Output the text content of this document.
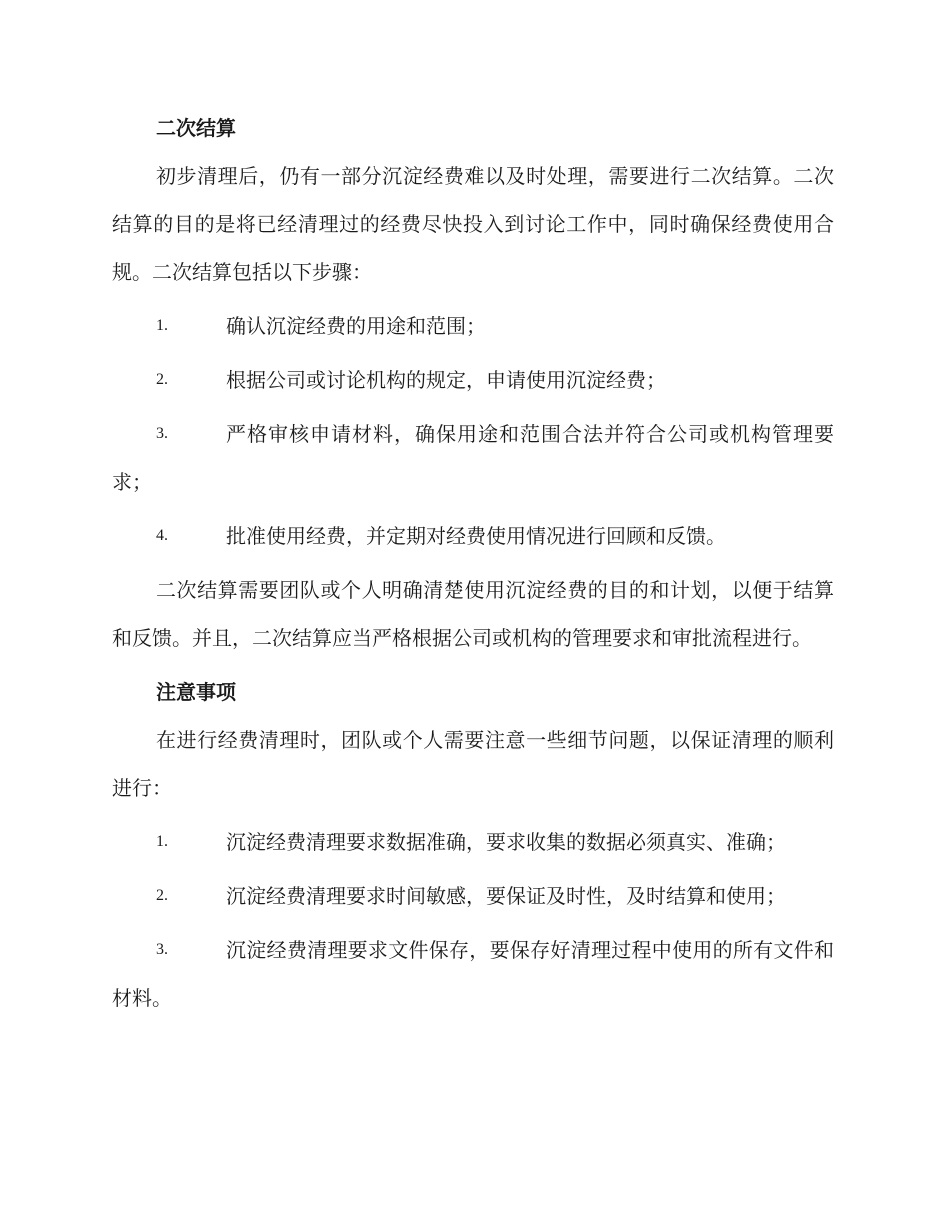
二次结算

初步清理后，仍有一部分沉淀经费难以及时处理，需要进行二次结算。二次结算的目的是将已经清理过的经费尽快投入到讨论工作中，同时确保经费使用合规。二次结算包括以下步骤：

1.	确认沉淀经费的用途和范围；
2.	根据公司或讨论机构的规定，申请使用沉淀经费；
3.	严格审核申请材料，确保用途和范围合法并符合公司或机构管理要求；
4.	批准使用经费，并定期对经费使用情况进行回顾和反馈。

二次结算需要团队或个人明确清楚使用沉淀经费的目的和计划，以便于结算和反馈。并且，二次结算应当严格根据公司或机构的管理要求和审批流程进行。

注意事项

在进行经费清理时，团队或个人需要注意一些细节问题，以保证清理的顺利进行：

1.	沉淀经费清理要求数据准确，要求收集的数据必须真实、准确；
2.	沉淀经费清理要求时间敏感，要保证及时性，及时结算和使用；
3.	沉淀经费清理要求文件保存，要保存好清理过程中使用的所有文件和材料。
